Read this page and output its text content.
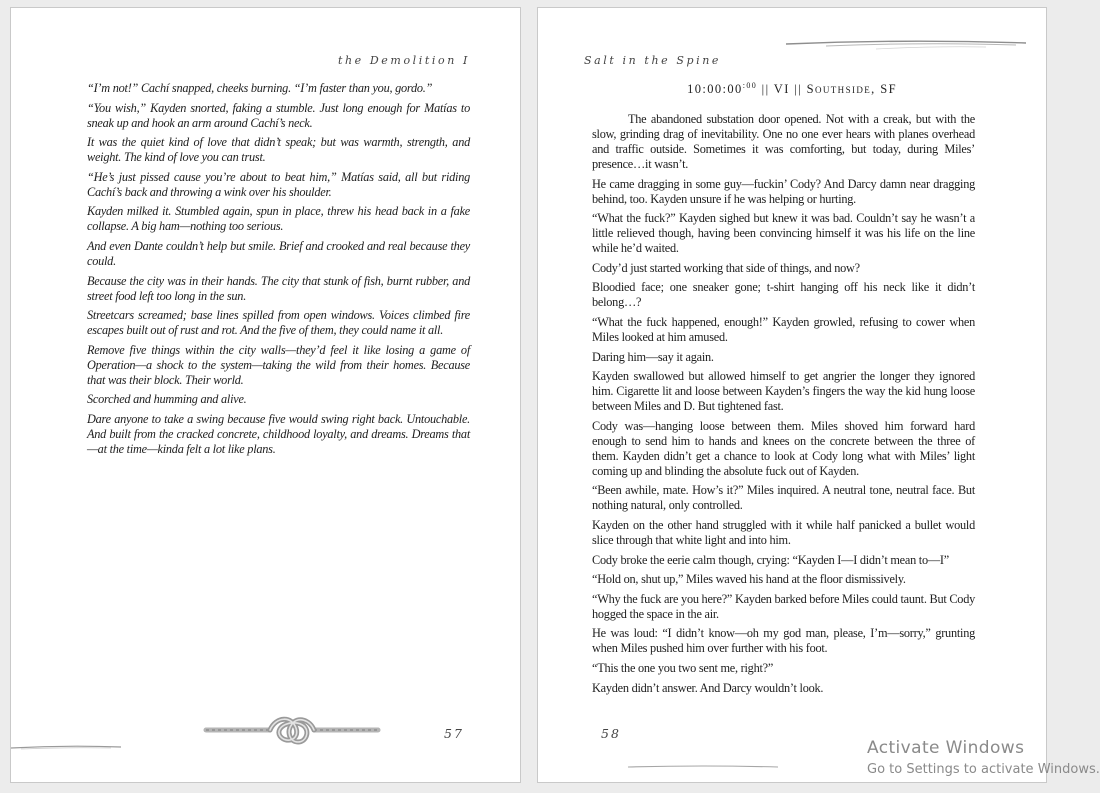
the Demolition I

“I’m not!” Cachí snapped, cheeks burning. “I’m faster than you, gordo.”

“You wish,” Kayden snorted, faking a stumble. Just long enough for Matías to sneak up and hook an arm around Cachí’s neck.

It was the quiet kind of love that didn’t speak; but was warmth, strength, and weight. The kind of love you can trust.

“He’s just pissed cause you’re about to beat him,” Matías said, all but riding Cachí’s back and throwing a wink over his shoulder.

Kayden milked it. Stumbled again, spun in place, threw his head back in a fake collapse. A big ham—nothing too serious.

And even Dante couldn’t help but smile. Brief and crooked and real because they could.

Because the city was in their hands. The city that stunk of fish, burnt rubber, and street food left too long in the sun.

Streetcars screamed; base lines spilled from open windows. Voices climbed fire escapes built out of rust and rot. And the five of them, they could name it all.

Remove five things within the city walls—they’d feel it like losing a game of Operation—a shock to the system—taking the wild from their homes. Because that was their block. Their world.

Scorched and humming and alive.

Dare anyone to take a swing because five would swing right back. Untouchable. And built from the cracked concrete, childhood loyalty, and dreams. Dreams that—at the time—kinda felt a lot like plans.

57
Salt in the Spine
$10:00:00^{:00}$ || VI || Southside, SF

The abandoned substation door opened. Not with a creak, but with the slow, grinding drag of inevitability. One no one ever hears with planes overhead and traffic outside. Sometimes it was comforting, but today, during Miles’ presence…it wasn’t.

He came dragging in some guy—fuckin’ Cody? And Darcy damn near dragging behind, too. Kayden unsure if he was helping or hurting.

“What the fuck?” Kayden sighed but knew it was bad. Couldn’t say he wasn’t a little relieved though, having been convincing himself it was his life on the line while he’d waited.

Cody’d just started working that side of things, and now?

Bloodied face; one sneaker gone; t-shirt hanging off his neck like it didn’t belong…?

“What the fuck happened, enough!” Kayden growled, refusing to cower when Miles looked at him amused.

Daring him—say it again.

Kayden swallowed but allowed himself to get angrier the longer they ignored him. Cigarette lit and loose between Kayden’s fingers the way the kid hung loose between Miles and D. But tightened fast.

Cody was—hanging loose between them. Miles shoved him forward hard enough to send him to hands and knees on the concrete between the three of them. Kayden didn’t get a chance to look at Cody long what with Miles’ light coming up and blinding the absolute fuck out of Kayden.

“Been awhile, mate. How’s it?” Miles inquired. A neutral tone, neutral face. But nothing natural, only controlled.

Kayden on the other hand struggled with it while half panicked a bullet would slice through that white light and into him.

Cody broke the eerie calm though, crying: “Kayden I—I didn’t mean to—I”

“Hold on, shut up,” Miles waved his hand at the floor dismissively.

“Why the fuck are you here?” Kayden barked before Miles could taunt. But Cody hogged the space in the air.

He was loud: “I didn’t know—oh my god man, please, I’m—sorry,” grunting when Miles pushed him over further with his foot.

“This the one you two sent me, right?”

Kayden didn’t answer. And Darcy wouldn’t look.

58
Activate Windows
Go to Settings to activate Windows.
